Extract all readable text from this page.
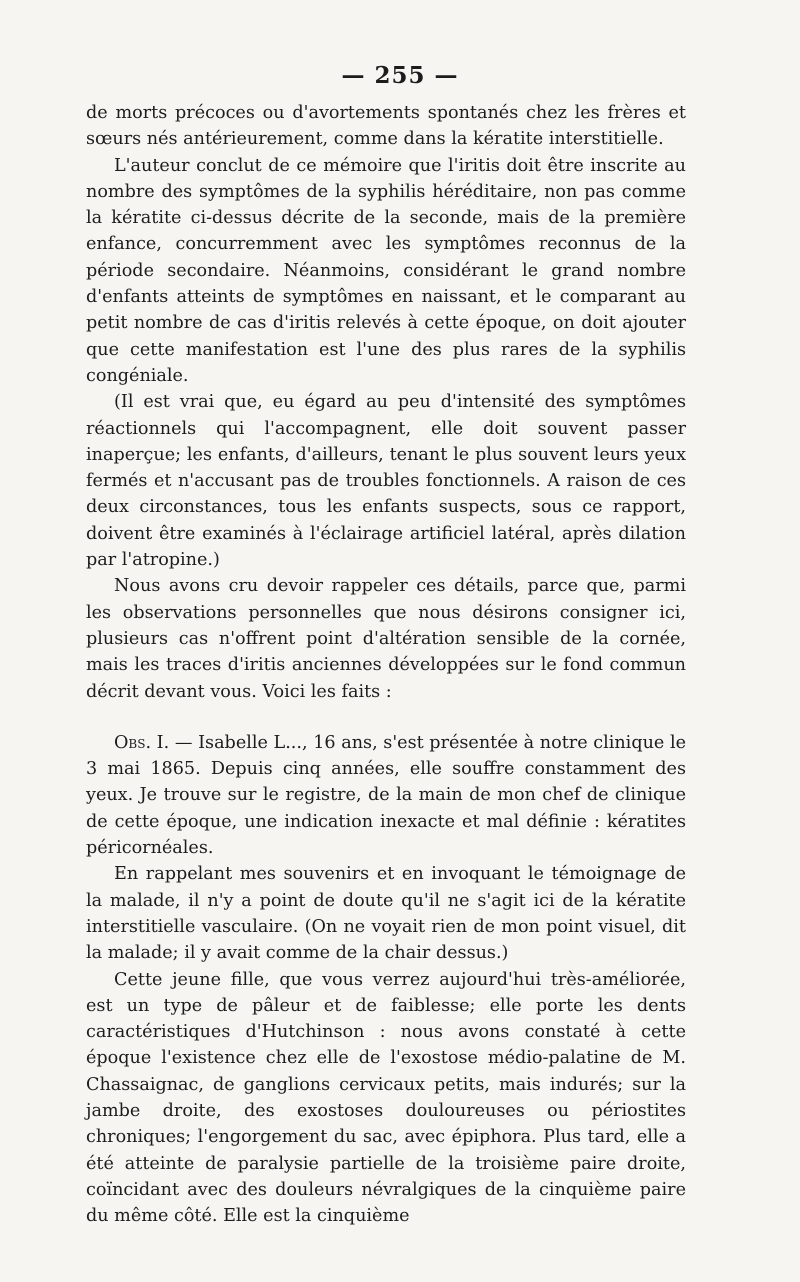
— 255 —

de morts précoces ou d'avortements spontanés chez les frères et sœurs nés antérieurement, comme dans la kératite interstitielle.

L'auteur conclut de ce mémoire que l'iritis doit être inscrite au nombre des symptômes de la syphilis héréditaire, non pas comme la kératite ci-dessus décrite de la seconde, mais de la première enfance, concurremment avec les symptômes reconnus de la période secondaire. Néanmoins, considérant le grand nombre d'enfants atteints de symptômes en naissant, et le comparant au petit nombre de cas d'iritis relevés à cette époque, on doit ajouter que cette manifestation est l'une des plus rares de la syphilis congéniale.

(Il est vrai que, eu égard au peu d'intensité des symptômes réactionnels qui l'accompagnent, elle doit souvent passer inaperçue; les enfants, d'ailleurs, tenant le plus souvent leurs yeux fermés et n'accusant pas de troubles fonctionnels. A raison de ces deux circonstances, tous les enfants suspects, sous ce rapport, doivent être examinés à l'éclairage artificiel latéral, après dilation par l'atropine.)

Nous avons cru devoir rappeler ces détails, parce que, parmi les observations personnelles que nous désirons consigner ici, plusieurs cas n'offrent point d'altération sensible de la cornée, mais les traces d'iritis anciennes développées sur le fond commun décrit devant vous. Voici les faits :

Obs. I. — Isabelle L..., 16 ans, s'est présentée à notre clinique le 3 mai 1865. Depuis cinq années, elle souffre constamment des yeux. Je trouve sur le registre, de la main de mon chef de clinique de cette époque, une indication inexacte et mal définie : kératites péricornéales.

En rappelant mes souvenirs et en invoquant le témoignage de la malade, il n'y a point de doute qu'il ne s'agit ici de la kératite interstitielle vasculaire. (On ne voyait rien de mon point visuel, dit la malade; il y avait comme de la chair dessus.)

Cette jeune fille, que vous verrez aujourd'hui très-améliorée, est un type de pâleur et de faiblesse; elle porte les dents caractéristiques d'Hutchinson : nous avons constaté à cette époque l'existence chez elle de l'exostose médio-palatine de M. Chassaignac, de ganglions cervicaux petits, mais indurés; sur la jambe droite, des exostoses douloureuses ou périostites chroniques; l'engorgement du sac, avec épiphora. Plus tard, elle a été atteinte de paralysie partielle de la troisième paire droite, coïncidant avec des douleurs névralgiques de la cinquième paire du même côté. Elle est la cinquième
